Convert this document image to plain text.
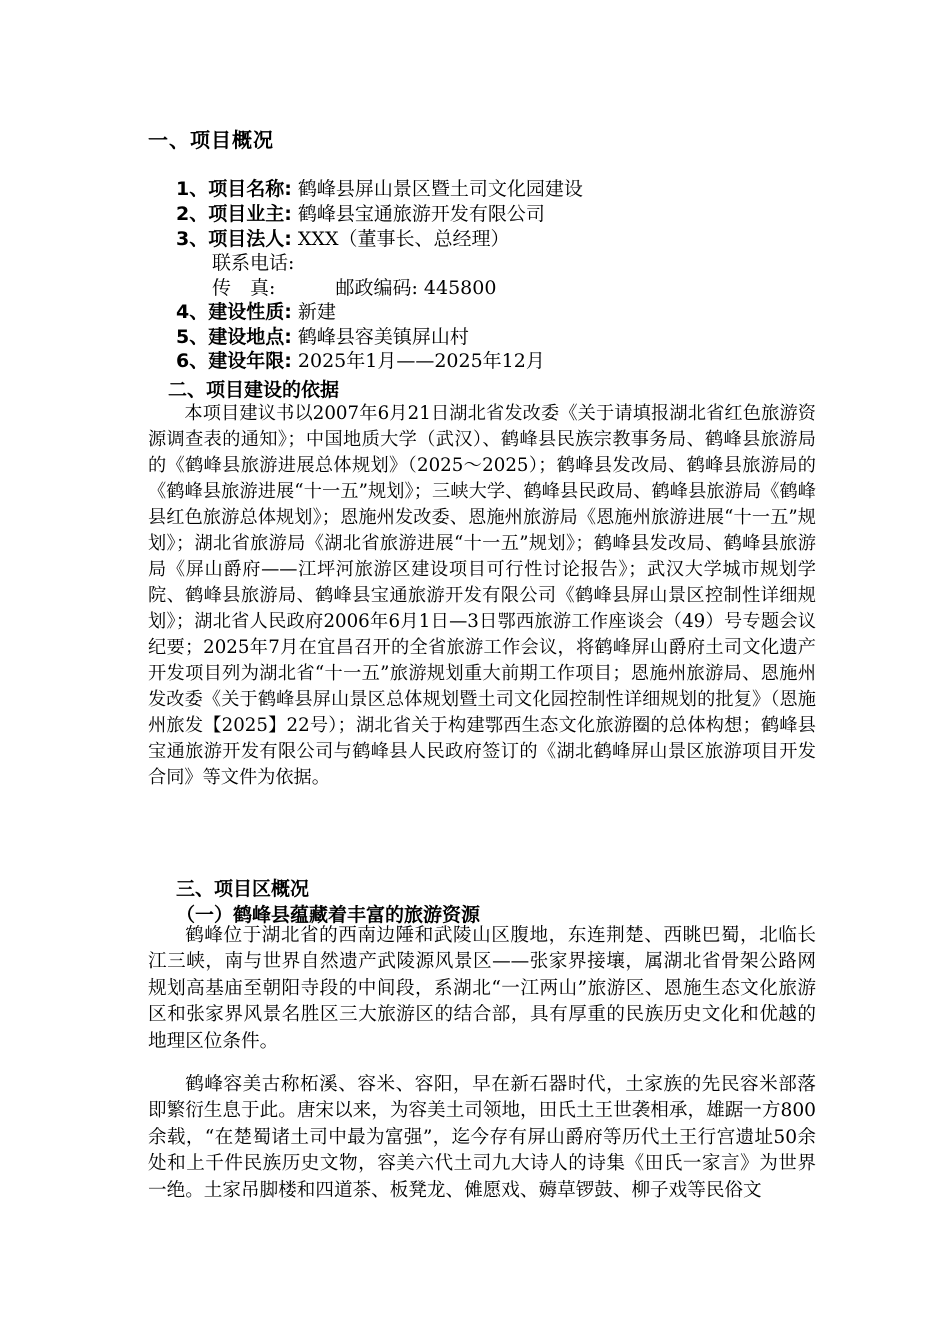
一、项目概况
1、项目名称: 鹤峰县屏山景区暨土司文化园建设
2、项目业主: 鹤峰县宝通旅游开发有限公司
3、项目法人: XXX（董事长、总经理）
联系电话:
传　真:	邮政编码: 445800
4、建设性质: 新建
5、建设地点: 鹤峰县容美镇屏山村
6、建设年限: 2025年1月——2025年12月
二、项目建设的依据

本项目建议书以2007年6月21日湖北省发改委《关于请填报湖北省红色旅游资源调查表的通知》；中国地质大学（武汉）、鹤峰县民族宗教事务局、鹤峰县旅游局的《鹤峰县旅游进展总体规划》（2025～2025）；鹤峰县发改局、鹤峰县旅游局的《鹤峰县旅游进展“十一五”规划》；三峡大学、鹤峰县民政局、鹤峰县旅游局《鹤峰县红色旅游总体规划》；恩施州发改委、恩施州旅游局《恩施州旅游进展“十一五”规划》；湖北省旅游局《湖北省旅游进展“十一五”规划》；鹤峰县发改局、鹤峰县旅游局《屏山爵府——江坪河旅游区建设项目可行性讨论报告》；武汉大学城市规划学院、鹤峰县旅游局、鹤峰县宝通旅游开发有限公司《鹤峰县屏山景区控制性详细规划》；湖北省人民政府2006年6月1日—3日鄂西旅游工作座谈会（49）号专题会议纪要；2025年7月在宜昌召开的全省旅游工作会议，将鹤峰屏山爵府土司文化遗产开发项目列为湖北省“十一五”旅游规划重大前期工作项目；恩施州旅游局、恩施州发改委《关于鹤峰县屏山景区总体规划暨土司文化园控制性详细规划的批复》（恩施州旅发【2025】22号）；湖北省关于构建鄂西生态文化旅游圈的总体构想；鹤峰县宝通旅游开发有限公司与鹤峰县人民政府签订的《湖北鹤峰屏山景区旅游项目开发合同》等文件为依据。

三、项目区概况
（一）鹤峰县蕴藏着丰富的旅游资源

鹤峰位于湖北省的西南边陲和武陵山区腹地，东连荆楚、西眺巴蜀，北临长江三峡，南与世界自然遗产武陵源风景区——张家界接壤，属湖北省骨架公路网规划高基庙至朝阳寺段的中间段，系湖北“一江两山”旅游区、恩施生态文化旅游区和张家界风景名胜区三大旅游区的结合部，具有厚重的民族历史文化和优越的地理区位条件。

鹤峰容美古称柘溪、容米、容阳，早在新石器时代，土家族的先民容米部落即繁衍生息于此。唐宋以来，为容美土司领地，田氏土王世袭相承，雄踞一方800余载，“在楚蜀诸土司中最为富强”，迄今存有屏山爵府等历代土王行宫遗址50余处和上千件民族历史文物，容美六代土司九大诗人的诗集《田氏一家言》为世界一绝。土家吊脚楼和四道茶、板凳龙、傩愿戏、薅草锣鼓、柳子戏等民俗文
